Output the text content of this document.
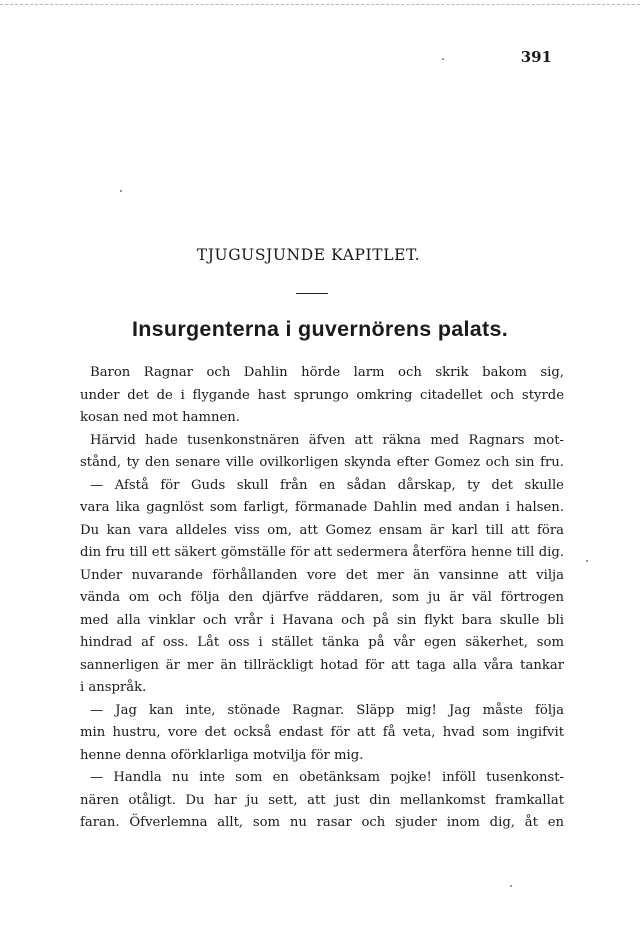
391
TJUGUSJUNDE KAPITLET.
Insurgenterna i guvernörens palats.
Baron Ragnar och Dahlin hörde larm och skrik bakom sig,
under det de i flygande hast sprungo omkring citadellet och styrde
kosan ned mot hamnen.
Härvid hade tusenkonstnären äfven att räkna med Ragnars mot-
stånd, ty den senare ville ovilkorligen skynda efter Gomez och sin fru.
— Afstå för Guds skull från en sådan dårskap, ty det skulle
vara lika gagnlöst som farligt, förmanade Dahlin med andan i halsen.
Du kan vara alldeles viss om, att Gomez ensam är karl till att föra
din fru till ett säkert gömställe för att sedermera återföra henne till dig.
Under nuvarande förhållanden vore det mer än vansinne att vilja
vända om och följa den djärfve räddaren, som ju är väl förtrogen
med alla vinklar och vrår i Havana och på sin flykt bara skulle bli
hindrad af oss. Låt oss i stället tänka på vår egen säkerhet, som
sannerligen är mer än tillräckligt hotad för att taga alla våra tankar
i anspråk.
— Jag kan inte, stönade Ragnar. Släpp mig! Jag måste följa
min hustru, vore det också endast för att få veta, hvad som ingifvit
henne denna oförklarliga motvilja för mig.
— Handla nu inte som en obetänksam pojke! inföll tusenkonst-
nären otåligt. Du har ju sett, att just din mellankomst framkallat
faran. Öfverlemna allt, som nu rasar och sjuder inom dig, åt en
